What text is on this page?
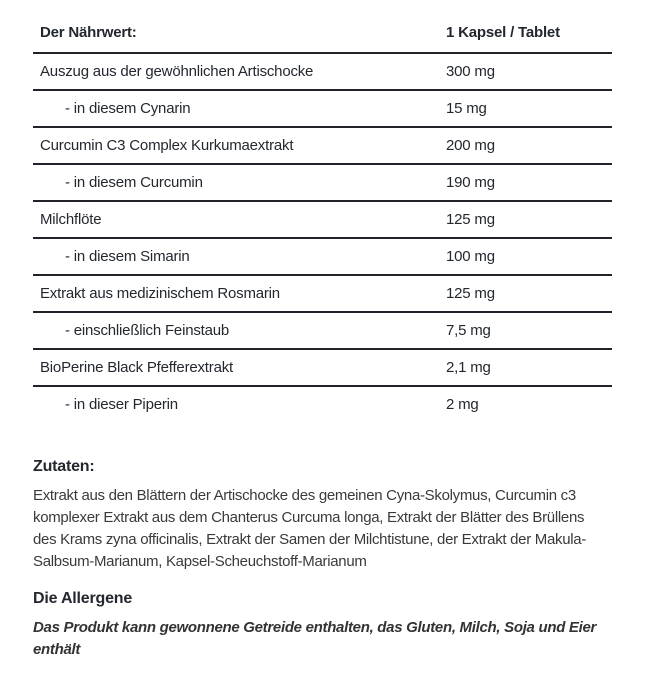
Der Nährwert:	1 Kapsel / Tablet
Auszug aus der gewöhnlichen Artischocke	300 mg
- in diesem Cynarin	15 mg
Curcumin C3 Complex Kurkumaextrakt	200 mg
- in diesem Curcumin	190 mg
Milchflöte	125 mg
- in diesem Simarin	100 mg
Extrakt aus medizinischem Rosmarin	125 mg
- einschließlich Feinstaub	7,5 mg
BioPerine Black Pfefferextrakt	2,1 mg
- in dieser Piperin	2 mg
Zutaten:
Extrakt aus den Blättern der Artischocke des gemeinen Cyna-Skolymus, Curcumin c3
komplexer Extrakt aus dem Chanterus Curcuma longa, Extrakt der Blätter des Brüllens
des Krams zyna officinalis, Extrakt der Samen der Milchtistune, der Extrakt der Makula-
Salbsum-Marianum, Kapsel-Scheuchstoff-Marianum
Die Allergene
Das Produkt kann gewonnene Getreide enthalten, das Gluten, Milch, Soja und Eier
enthält
